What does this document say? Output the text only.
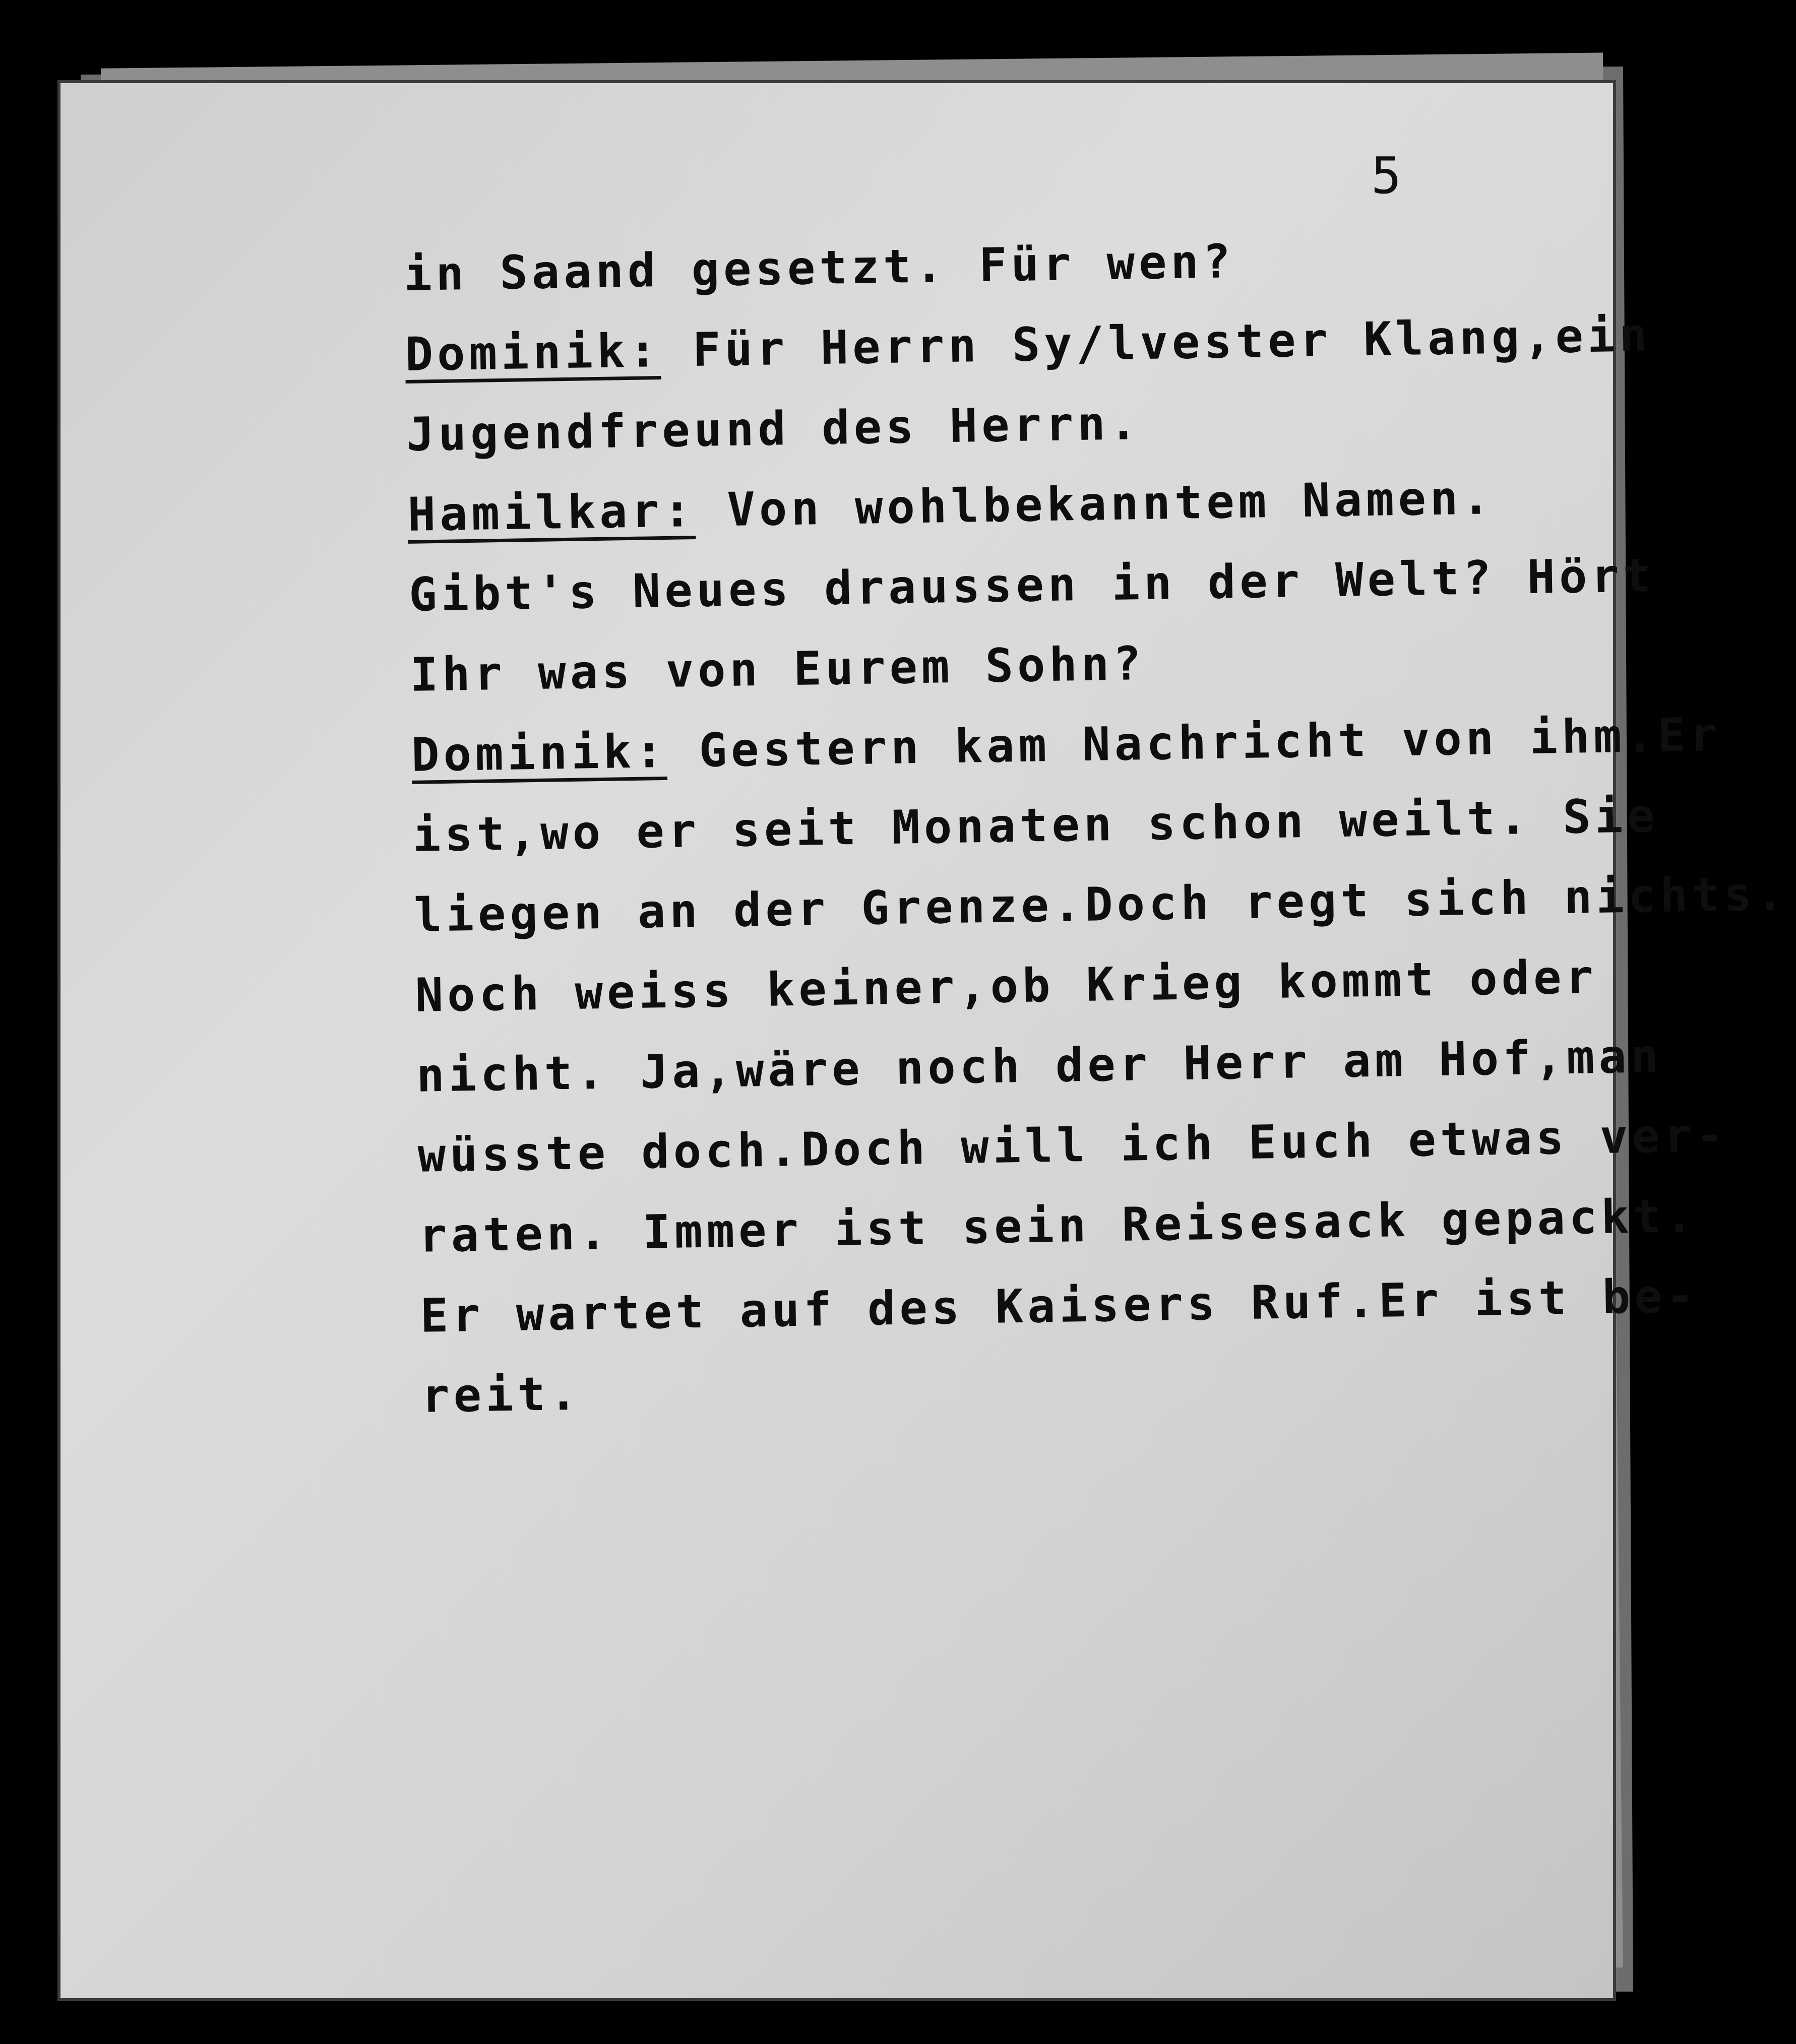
5
in Saand gesetzt. Für wen?
Dominik: Für Herrn Sy/lvester Klang,ein
Jugendfreund des Herrn.
Hamilkar: Von wohlbekanntem Namen.
Gibt's Neues draussen in der Welt? Hört
Ihr was von Eurem Sohn?
Dominik: Gestern kam Nachricht von ihm.Er
ist,wo er seit Monaten schon weilt. Sie
liegen an der Grenze.Doch regt sich nichts.
Noch weiss keiner,ob Krieg kommt oder
nicht. Ja,wäre noch der Herr am Hof,man
wüsste doch.Doch will ich Euch etwas ver-
raten. Immer ist sein Reisesack gepackt.
Er wartet auf des Kaisers Ruf.Er ist be-
reit.
